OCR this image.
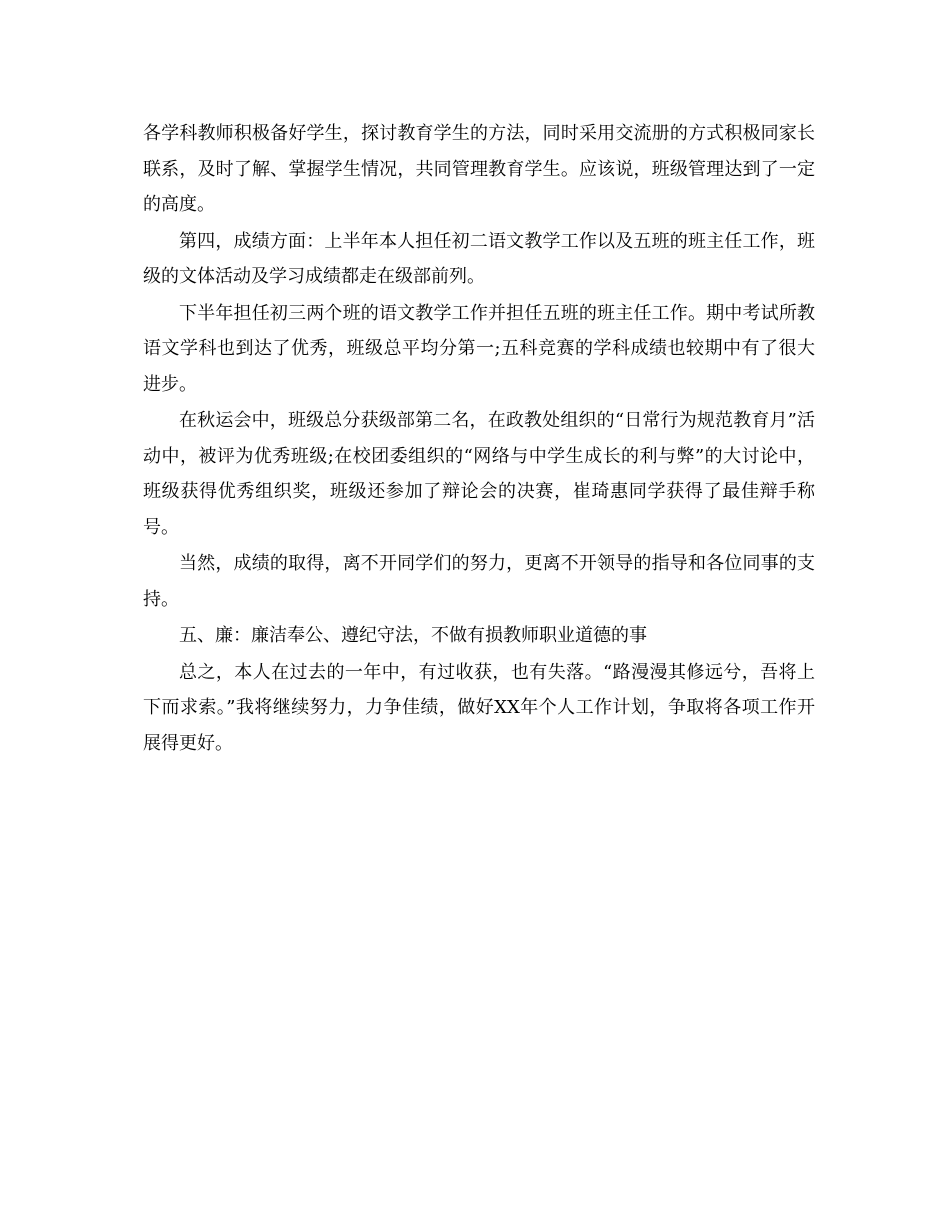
各学科教师积极备好学生，探讨教育学生的方法，同时采用交流册的方式积极同家长联系，及时了解、掌握学生情况，共同管理教育学生。应该说，班级管理达到了一定的高度。

第四，成绩方面：上半年本人担任初二语文教学工作以及五班的班主任工作，班级的文体活动及学习成绩都走在级部前列。

下半年担任初三两个班的语文教学工作并担任五班的班主任工作。期中考试所教语文学科也到达了优秀，班级总平均分第一;五科竞赛的学科成绩也较期中有了很大进步。

在秋运会中，班级总分获级部第二名，在政教处组织的“日常行为规范教育月”活动中，被评为优秀班级;在校团委组织的“网络与中学生成长的利与弊”的大讨论中，班级获得优秀组织奖，班级还参加了辩论会的决赛，崔琦惠同学获得了最佳辩手称号。

当然，成绩的取得，离不开同学们的努力，更离不开领导的指导和各位同事的支持。

五、廉：廉洁奉公、遵纪守法，不做有损教师职业道德的事

总之，本人在过去的一年中，有过收获，也有失落。“路漫漫其修远兮，吾将上下而求索。”我将继续努力，力争佳绩，做好XX年个人工作计划，争取将各项工作开展得更好。
